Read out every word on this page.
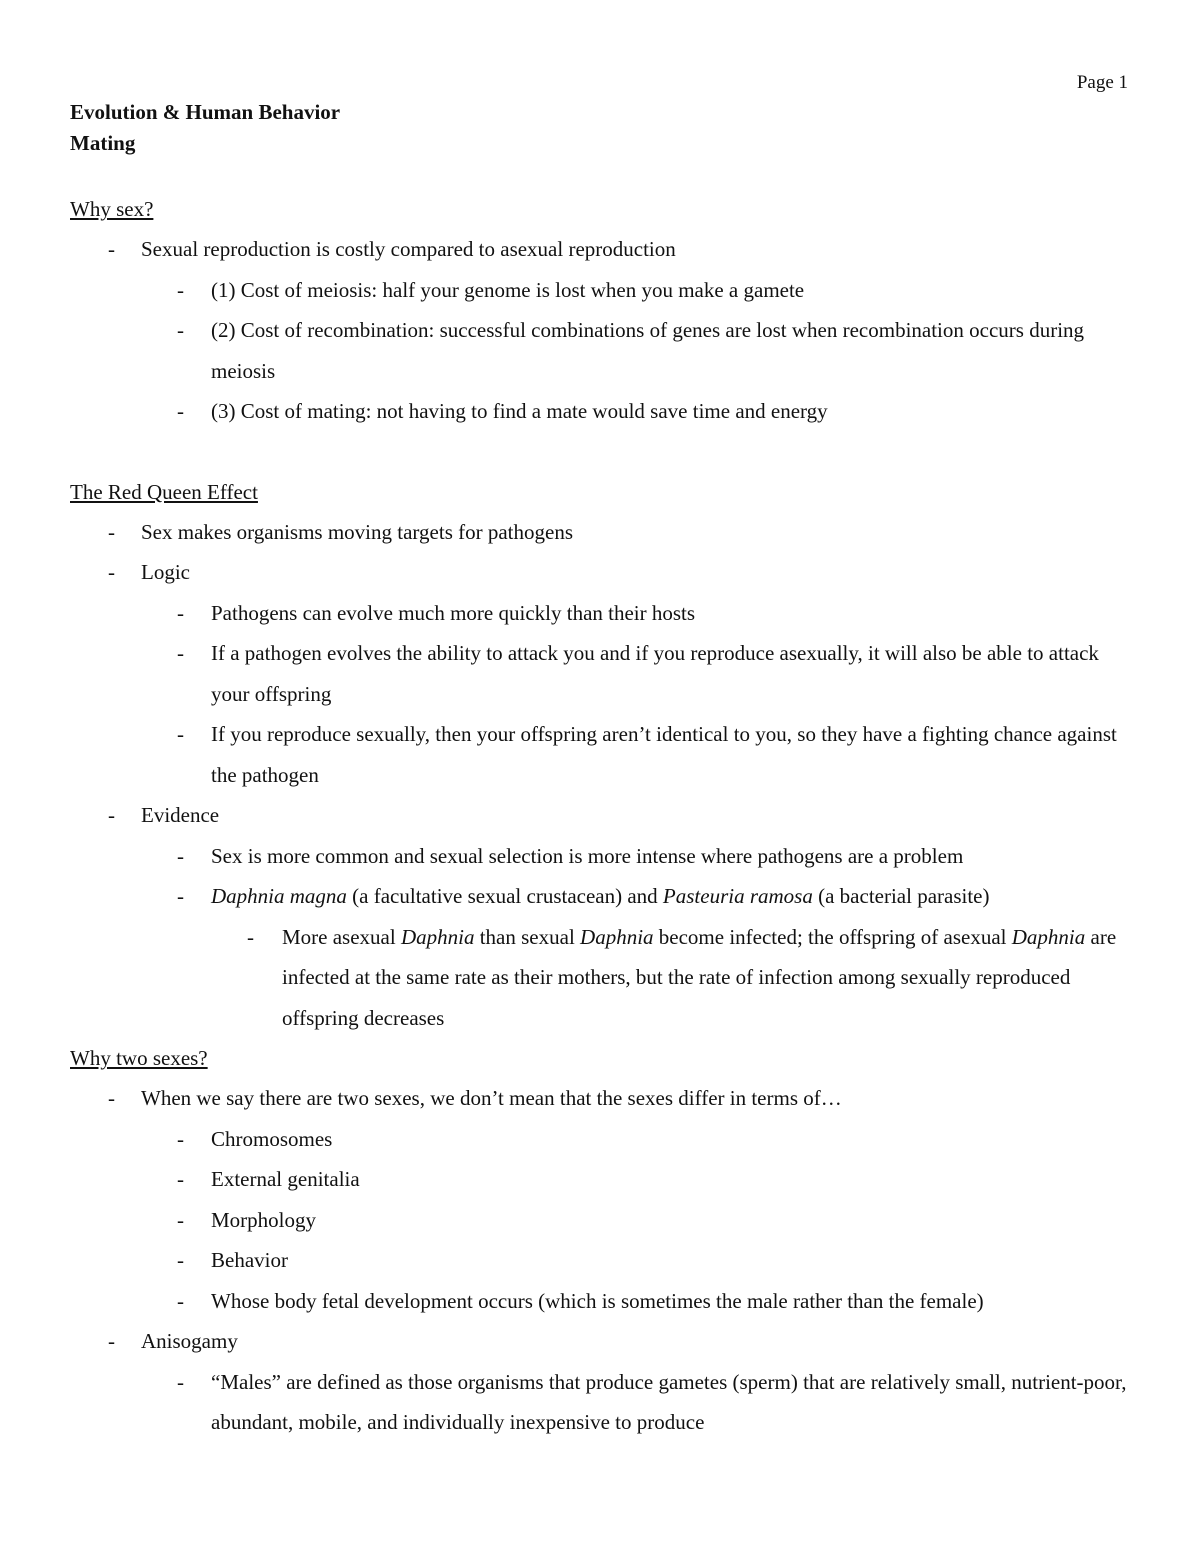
Page 1
Evolution & Human Behavior
Mating
Why sex?
- Sexual reproduction is costly compared to asexual reproduction
- (1) Cost of meiosis: half your genome is lost when you make a gamete
- (2) Cost of recombination: successful combinations of genes are lost when recombination occurs during meiosis
- (3) Cost of mating: not having to find a mate would save time and energy
The Red Queen Effect
- Sex makes organisms moving targets for pathogens
- Logic
- Pathogens can evolve much more quickly than their hosts
- If a pathogen evolves the ability to attack you and if you reproduce asexually, it will also be able to attack your offspring
- If you reproduce sexually, then your offspring aren’t identical to you, so they have a fighting chance against the pathogen
- Evidence
- Sex is more common and sexual selection is more intense where pathogens are a problem
- Daphnia magna (a facultative sexual crustacean) and Pasteuria ramosa (a bacterial parasite)
- More asexual Daphnia than sexual Daphnia become infected; the offspring of asexual Daphnia are infected at the same rate as their mothers, but the rate of infection among sexually reproduced offspring decreases
Why two sexes?
- When we say there are two sexes, we don’t mean that the sexes differ in terms of…
- Chromosomes
- External genitalia
- Morphology
- Behavior
- Whose body fetal development occurs (which is sometimes the male rather than the female)
- Anisogamy
- “Males” are defined as those organisms that produce gametes (sperm) that are relatively small, nutrient-poor, abundant, mobile, and individually inexpensive to produce
